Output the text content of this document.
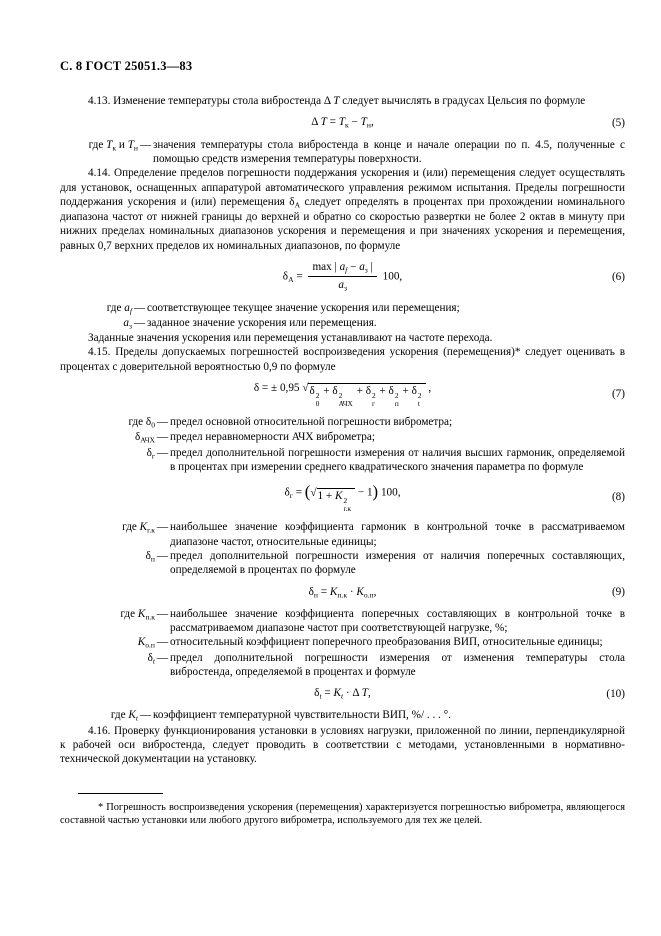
С. 8 ГОСТ 25051.3—83

4.13. Изменение температуры стола вибростенда Δ T следует вычислять в градусах Цельсия по формуле

Δ $T = T_к - T_н$,	(5)
где $T_к$ и $T_н$ — значения температуры стола вибростенда в конце и начале операции по п. 4.5, полученные с помощью средств измерения температуры поверхности.

4.14. Определение пределов погрешности поддержания ускорения и (или) перемещения следует осуществлять для установок, оснащенных аппаратурой автоматического управления режимом испытания. Пределы погрешности поддержания ускорения и (или) перемещения $\delta_А$ следует определять в процентах при прохождении номинального диапазона частот от нижней границы до верхней и обратно со скоростью развертки не более 2 октав в минуту при нижних пределах номинальных диапазонов ускорения и перемещения и при значениях ускорения и перемещения, равных 0,7 верхних пределов их номинальных диапазонов, по формуле

$\delta_А = \frac{\max | a_f - a_з |}{a_з} 100$,	(6)
где $a_f$ — соответствующее текущее значение ускорения или перемещения;
$a_з$ — заданное значение ускорения или перемещения.

Заданные значения ускорения или перемещения устанавливают на частоте перехода.

4.15. Пределы допускаемых погрешностей воспроизведения ускорения (перемещения)* следует оценивать в процентах с доверительной вероятностью 0,9 по формуле

δ = ± 0,95 √ δ 2
0
+ δ 2
АЧХ
+ δ 2
г
+ δ 2
п
+ δ 2
t
,
(7)
где $\delta_0$ — предел основной относительной погрешности виброметра;
$\delta_{АЧХ}$ — предел неравномерности АЧХ виброметра;
$\delta_г$ — предел дополнительной погрешности измерения от наличия высших гармоник, определяемой в процентах при измерении среднего квадратического значения параметра по формуле
$\delta_г$ = ( √ 1 + K 2
г.к
− 1) 100,	(8)
где $K_{г.к}$ — наибольшее значение коэффициента гармоник в контрольной точке в рассматриваемом диапазоне частот, относительные единицы;
$\delta_п$ — предел дополнительной погрешности измерения от наличия поперечных составляющих, определяемой в процентах по формуле
$\delta_п = K_{п.к} \cdot K_{о.п}$,	(9)
где $K_{п.к}$ — наибольшее значение коэффициента поперечных составляющих в контрольной точке в рассматриваемом диапазоне частот при соответствующей нагрузке, %;
$K_{о.п}$ — относительный коэффициент поперечного преобразования ВИП, относительные единицы;
$\delta_t$ — предел дополнительной погрешности измерения от изменения температуры стола вибростенда, определяемой в процентах и формуле
$\delta_t = K_t \cdot \Delta$ T,	(10)
где $K_t$ — коэффициент температурной чувствительности ВИП, %/ . . . °.

4.16. Проверку функционирования установки в условиях нагрузки, приложенной по линии, перпендикулярной к рабочей оси вибростенда, следует проводить в соответствии с методами, установленными в нормативно-технической документации на установку.

* Погрешность воспроизведения ускорения (перемещения) характеризуется погрешностью виброметра, являющегося составной частью установки или любого другого виброметра, используемого для тех же целей.
